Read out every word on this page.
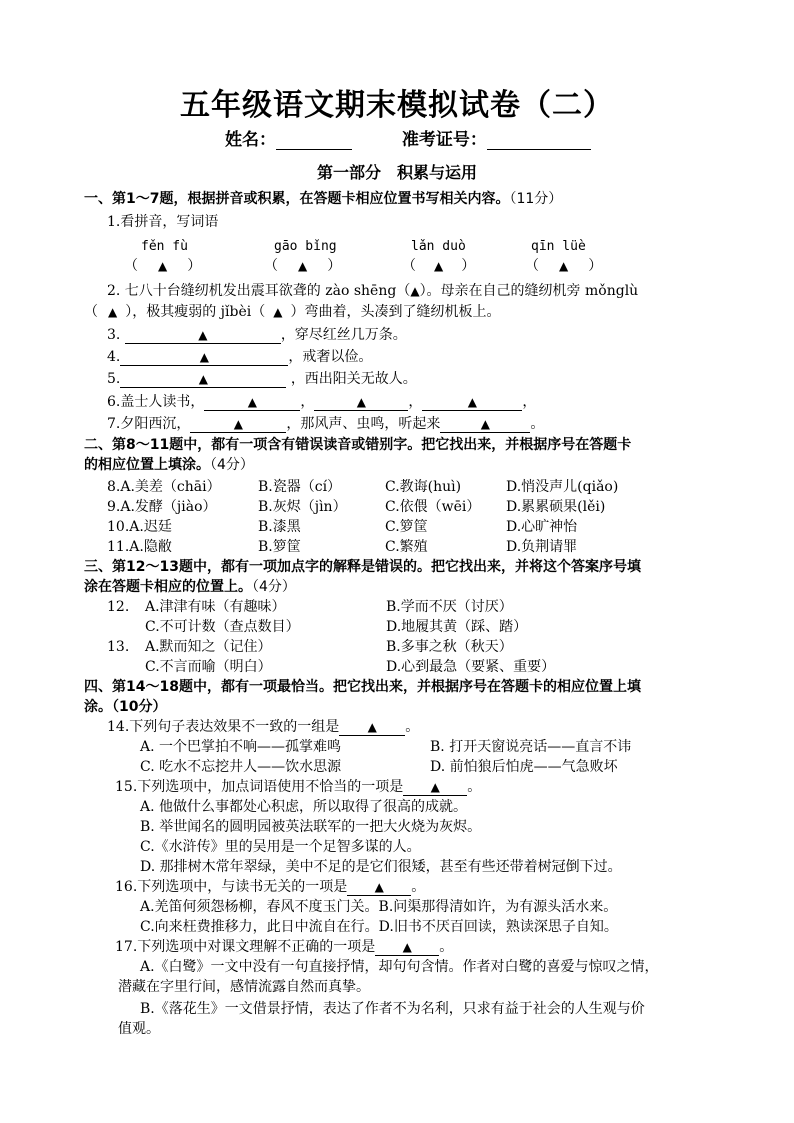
五年级语文期末模拟试卷（二）
姓名：	准考证号：
第一部分　积累与运用
一、第1～7题，根据拼音或积累，在答题卡相应位置书写相关内容。（11分）
1.看拼音，写词语
fěn fù	gāo bǐng	lǎn duò	qīn lüè
（ ▲ ）	（ ▲ ）	（ ▲ ）	（ ▲ ）
2. 七八十台缝纫机发出震耳欲聋的 zào shēng（▲）。母亲在自己的缝纫机旁 mǒnglù
（ ▲ ），极其瘦弱的 jǐbèi（ ▲ ）弯曲着，头凑到了缝纫机板上。
3.	▲	，穿尽红丝几万条。
4.	▲	，戒奢以俭。
5.	▲	，西出阳关无故人。
6.盖士人读书，	▲	，	▲	，	▲	，
7.夕阳西沉，	▲	，那风声、虫鸣，听起来	▲	。
二、第8～11题中，都有一项含有错误读音或错别字。把它找出来，并根据序号在答题卡
的相应位置上填涂。（4分）
8.A.美差（chāi）	B.瓷器（cí）	C.教诲(huì)	D.悄没声儿(qiǎo)
9.A.发酵（jiào）	B.灰烬（jìn）	C.依偎（wēi） D.累累硕果(lěi)
10.A.迟廷	B.漆黑	C.箩筐	D.心旷神怡
11.A.隐敝	B.箩筐	C.繁殖	D.负荆请罪
三、第12～13题中，都有一项加点字的解释是错误的。把它找出来，并将这个答案序号填
涂在答题卡相应的位置上。（4分）
12. A.津津有味（有趣味）	B.学而不厌（讨厌）
C.不可计数（查点数目）	D.地履其黄（踩、踏）
13. A.默而知之（记住）	B.多事之秋（秋天）
C.不言而喻（明白）	D.心到最急（要紧、重要）
四、第14～18题中，都有一项最恰当。把它找出来，并根据序号在答题卡的相应位置上填
涂。（10分）
14.下列句子表达效果不一致的一组是 ▲ 。
A. 一个巴掌拍不响——孤掌难鸣	B. 打开天窗说亮话——直言不讳
C. 吃水不忘挖井人——饮水思源	D. 前怕狼后怕虎——气急败坏
15.下列选项中，加点词语使用不恰当的一项是 ▲ 。
A. 他做什么事都处心积虑，所以取得了很高的成就。
B. 举世闻名的圆明园被英法联军的一把大火烧为灰烬。
C.《水浒传》里的吴用是一个足智多谋的人。
D. 那排树木常年翠绿，美中不足的是它们很矮，甚至有些还带着树冠倒下过。
16.下列选项中，与读书无关的一项是 ▲ 。
A.羌笛何须怨杨柳，春风不度玉门关。B.问渠那得清如许，为有源头活水来。
C.向来枉费推移力，此日中流自在行。D.旧书不厌百回读，熟读深思子自知。
17.下列选项中对课文理解不正确的一项是 ▲ 。
A.《白鹭》一文中没有一句直接抒情，却句句含情。作者对白鹭的喜爱与惊叹之情，
潜藏在字里行间，感情流露自然而真挚。
B.《落花生》一文借景抒情，表达了作者不为名利，只求有益于社会的人生观与价
值观。
